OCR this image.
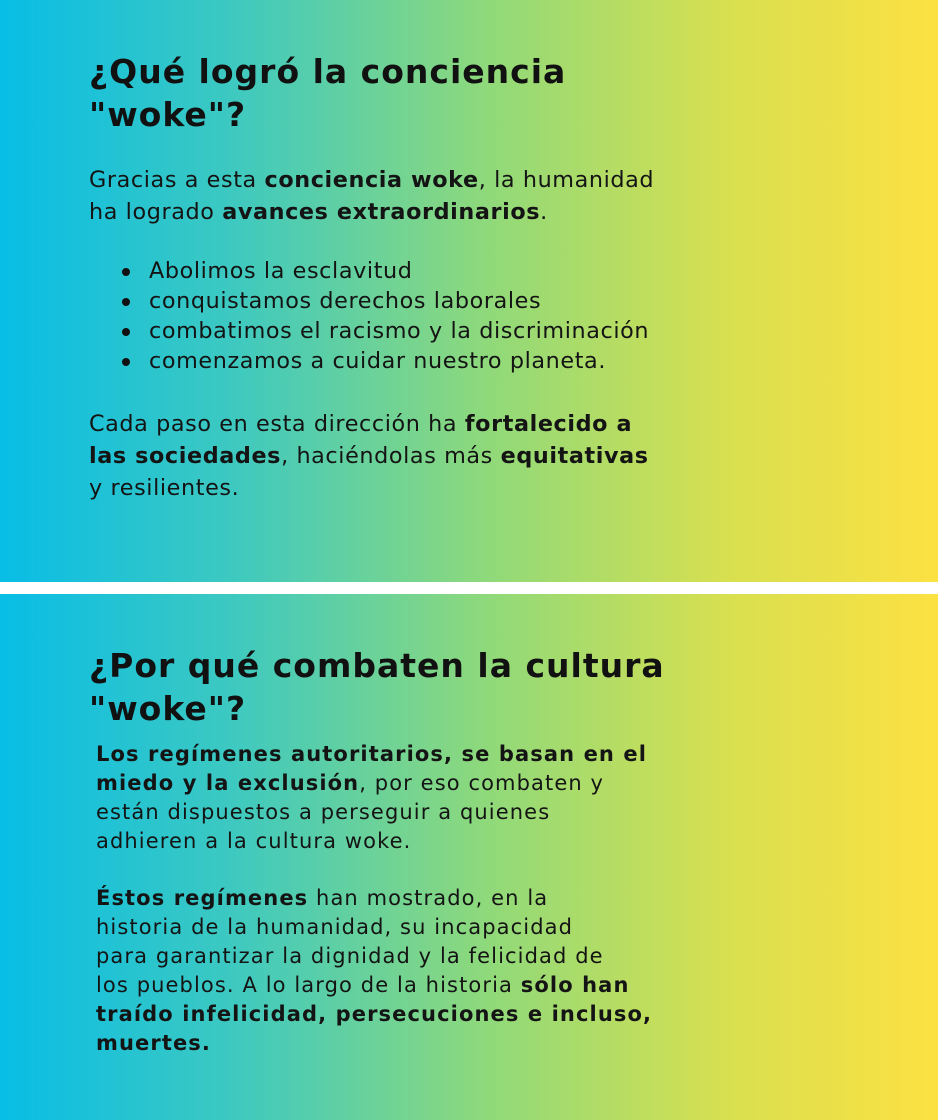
¿Qué logró la conciencia
"woke"?

Gracias a esta conciencia woke, la humanidad
ha logrado avances extraordinarios.

Abolimos la esclavitud
conquistamos derechos laborales
combatimos el racismo y la discriminación
comenzamos a cuidar nuestro planeta.

Cada paso en esta dirección ha fortalecido a
las sociedades, haciéndolas más equitativas
y resilientes.

¿Por qué combaten la cultura
"woke"?

Los regímenes autoritarios, se basan en el
miedo y la exclusión, por eso combaten y
están dispuestos a perseguir a quienes
adhieren a la cultura woke.

Éstos regímenes han mostrado, en la
historia de la humanidad, su incapacidad
para garantizar la dignidad y la felicidad de
los pueblos. A lo largo de la historia sólo han
traído infelicidad, persecuciones e incluso,
muertes.
